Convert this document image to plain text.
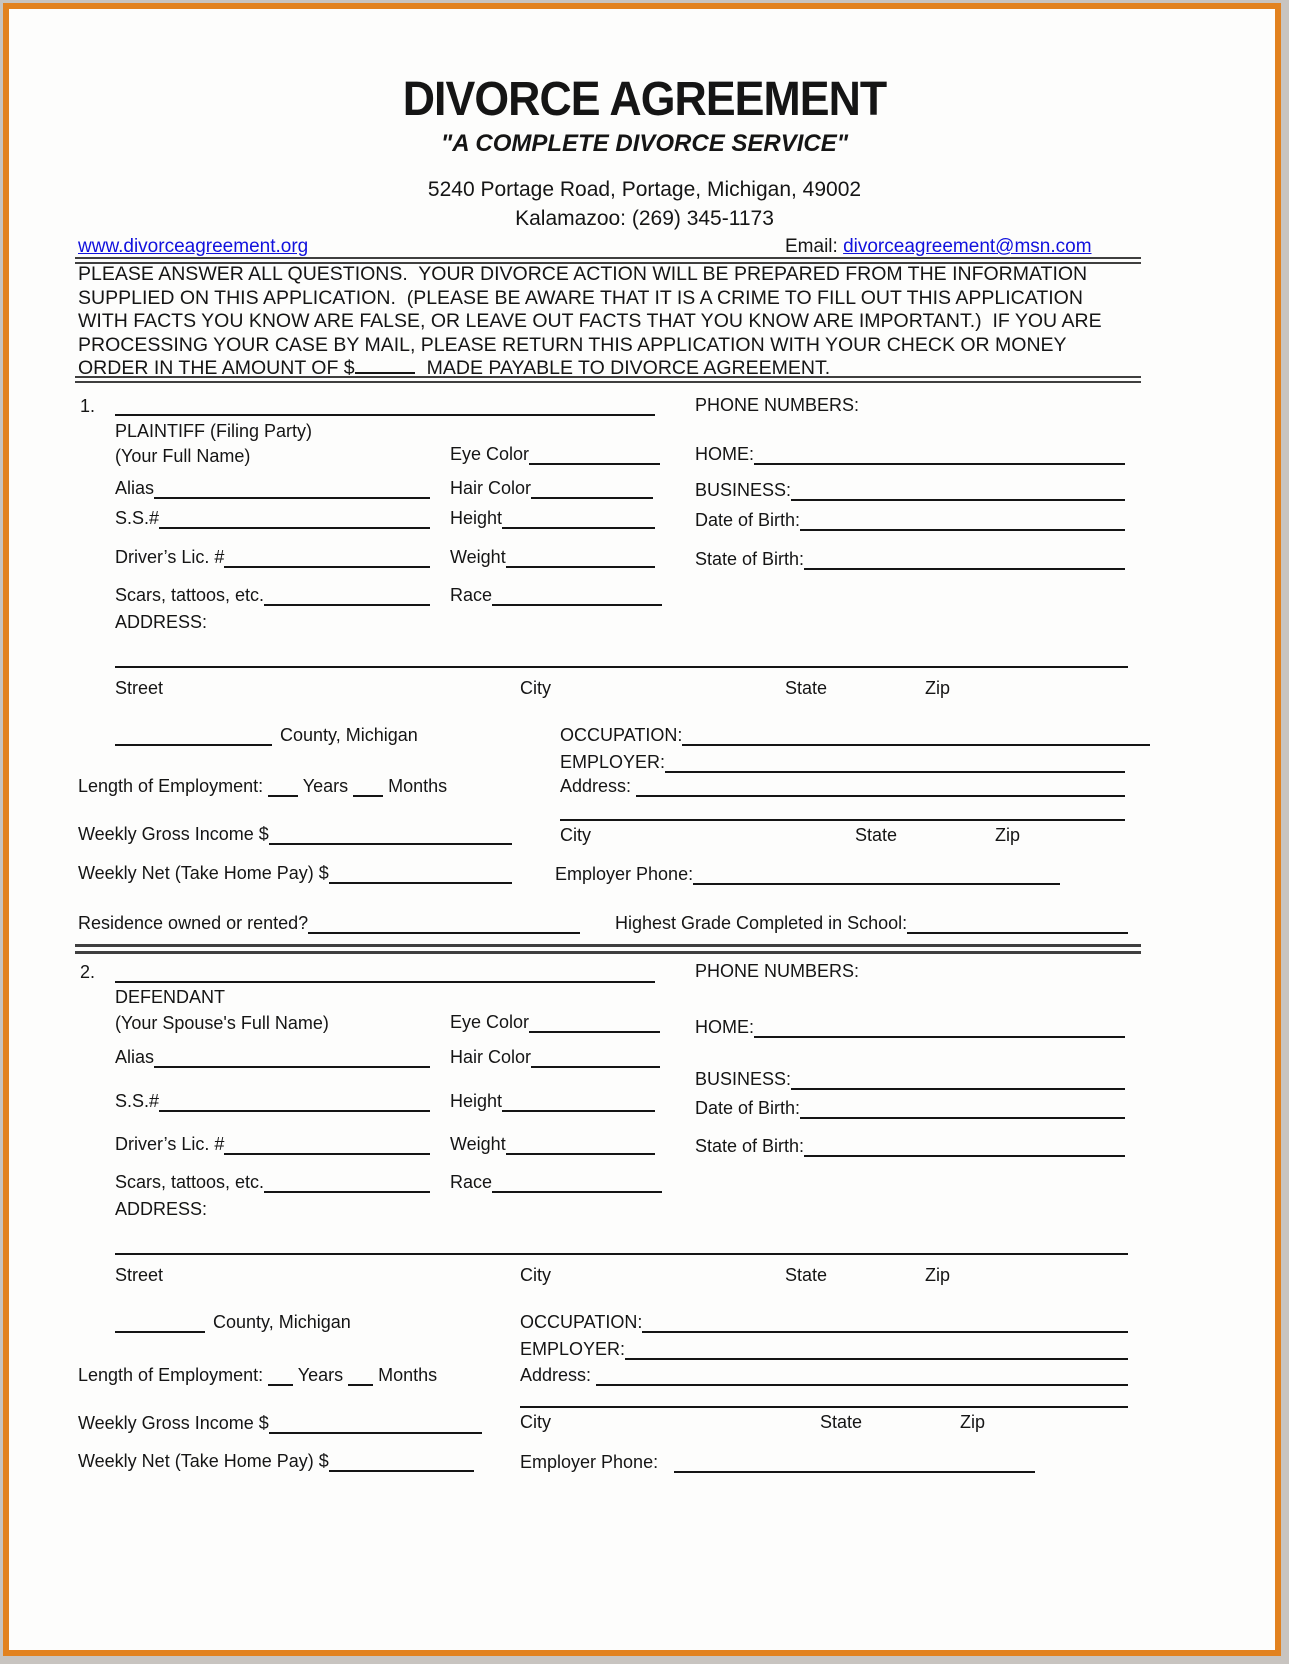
DIVORCE AGREEMENT
"A COMPLETE DIVORCE SERVICE"
5240 Portage Road, Portage, Michigan, 49002
Kalamazoo: (269) 345-1173
www.divorceagreement.org	Email: divorceagreement@msn.com
PLEASE ANSWER ALL QUESTIONS.  YOUR DIVORCE ACTION WILL BE PREPARED FROM THE INFORMATION SUPPLIED ON THIS APPLICATION.  (PLEASE BE AWARE THAT IT IS A CRIME TO FILL OUT THIS APPLICATION WITH FACTS YOU KNOW ARE FALSE, OR LEAVE OUT FACTS THAT YOU KNOW ARE IMPORTANT.)  IF YOU ARE PROCESSING YOUR CASE BY MAIL, PLEASE RETURN THIS APPLICATION WITH YOUR CHECK OR MONEY ORDER IN THE AMOUNT OF $	MADE PAYABLE TO DIVORCE AGREEMENT.
1.	PHONE NUMBERS:
PLAINTIFF (Filing Party)
(Your Full Name)	Eye Color	HOME:
Alias	Hair Color	BUSINESS:
S.S.#	Height	Date of Birth:
Driver’s Lic. #	Weight	State of Birth:
Scars, tattoos, etc.	Race
ADDRESS:
Street	City	State	Zip
County, Michigan	OCCUPATION:
EMPLOYER:
Length of Employment: Years Months	Address:
City	State	Zip
Weekly Gross Income $
Weekly Net (Take Home Pay) $	Employer Phone:
Residence owned or rented?	Highest Grade Completed in School:
2.	PHONE NUMBERS:
DEFENDANT
(Your Spouse's Full Name)	Eye Color	HOME:
Alias	Hair Color
BUSINESS:
S.S.#	Height	Date of Birth:
Driver’s Lic. #	Weight	State of Birth:
Scars, tattoos, etc.	Race
ADDRESS:
Street	City	State	Zip
County, Michigan	OCCUPATION:
EMPLOYER:
Length of Employment: Years Months	Address:
City	State	Zip
Weekly Gross Income $
Weekly Net (Take Home Pay) $	Employer Phone:
